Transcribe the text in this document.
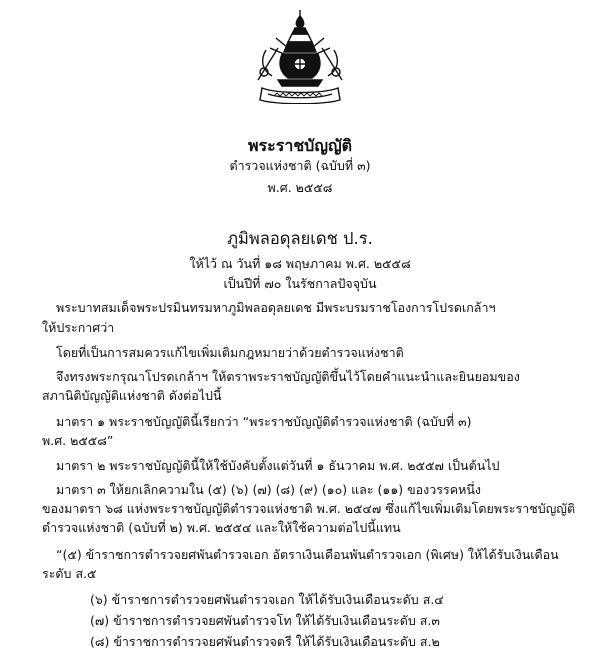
พระราชบัญญัติ
ตำรวจแห่งชาติ (ฉบับที่ ๓)
พ.ศ. ๒๕๕๘
ภูมิพลอดุลยเดช ป.ร.
ให้ไว้ ณ วันที่ ๑๘ พฤษภาคม พ.ศ. ๒๕๕๘
เป็นปีที่ ๗๐ ในรัชกาลปัจจุบัน
พระบาทสมเด็จพระปรมินทรมหาภูมิพลอดุลยเดช มีพระบรมราชโองการโปรดเกล้าฯ
ให้ประกาศว่า
โดยที่เป็นการสมควรแก้ไขเพิ่มเติมกฎหมายว่าด้วยตำรวจแห่งชาติ
จึงทรงพระกรุณาโปรดเกล้าฯ ให้ตราพระราชบัญญัติขึ้นไว้โดยคำแนะนำและยินยอมของ
สภานิติบัญญัติแห่งชาติ ดังต่อไปนี้
มาตรา ๑ พระราชบัญญัตินี้เรียกว่า “พระราชบัญญัติตำรวจแห่งชาติ (ฉบับที่ ๓)
พ.ศ. ๒๕๕๘”
มาตรา ๒ พระราชบัญญัตินี้ให้ใช้บังคับตั้งแต่วันที่ ๑ ธันวาคม พ.ศ. ๒๕๕๗ เป็นต้นไป
มาตรา ๓ ให้ยกเลิกความใน (๕) (๖) (๗) (๘) (๙) (๑๐) และ (๑๑) ของวรรคหนึ่ง
ของมาตรา ๖๘ แห่งพระราชบัญญัติตำรวจแห่งชาติ พ.ศ. ๒๕๔๗ ซึ่งแก้ไขเพิ่มเติมโดยพระราชบัญญัติ
ตำรวจแห่งชาติ (ฉบับที่ ๒) พ.ศ. ๒๕๕๔ และให้ใช้ความต่อไปนี้แทน
“(๕) ข้าราชการตำรวจยศพันตำรวจเอก อัตราเงินเดือนพันตำรวจเอก (พิเศษ) ให้ได้รับเงินเดือน
ระดับ ส.๕
(๖) ข้าราชการตำรวจยศพันตำรวจเอก ให้ได้รับเงินเดือนระดับ ส.๔
(๗) ข้าราชการตำรวจยศพันตำรวจโท ให้ได้รับเงินเดือนระดับ ส.๓
(๘) ข้าราชการตำรวจยศพันตำรวจตรี ให้ได้รับเงินเดือนระดับ ส.๒
